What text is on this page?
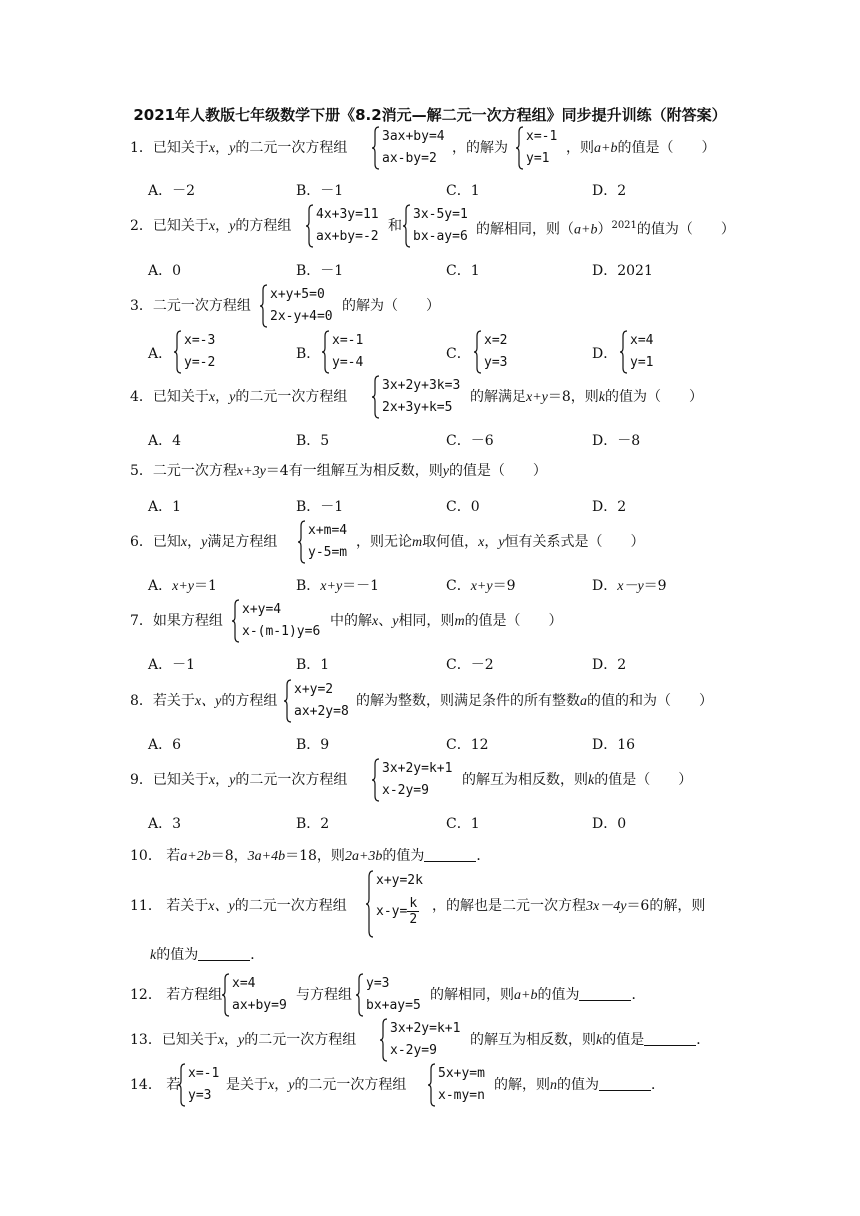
2021年人教版七年级数学下册《8.2消元—解二元一次方程组》同步提升训练（附答案）
1．已知关于x，y的二元一次方程组
3ax+by=4
ax-by=2
，的解为
x=-1
y=1
，则a+b的值是（　　）
A．－2	B．－1	C．1	D．2
2．已知关于x，y的方程组
4x+3y=11
ax+by=-2
和
3x-5y=1
bx-ay=6 的解相同，则$(a+b)^{2021}$的值为（　　）
A．0	B．－1	C．1	D．2021
3．二元一次方程组
x+y+5=0
2x-y+4=0
的解为（　　）
A．
x=-3
y=-2
B．
x=-1
y=-4
C．
x=2
y=3
D．
x=4
y=1
4．已知关于x，y的二元一次方程组
3x+2y+3k=3
2x+3y+k=5
的解满足x+y＝8，则k的值为（　　）
A．4	B．5	C．－6	D．－8
5．二元一次方程x+3y＝4有一组解互为相反数，则y的值是（　　）
A．1	B．－1	C．0	D．2
6．已知x，y满足方程组
x+m=4
y-5=m
，则无论m取何值，x，y恒有关系式是（　　）
A．x+y＝1	B．x+y＝－1	C．x+y＝9	D．x－y＝9
7．如果方程组
x+y=4
x-(m-1)y=6
中的解x、y相同，则m的值是（　　）
A．－1	B．1	C．－2	D．2
8．若关于x、y的方程组
x+y=2
ax+2y=8
的解为整数，则满足条件的所有整数a的值的和为（　　）
A．6	B．9	C．12	D．16
9．已知关于x，y的二元一次方程组
3x+2y=k+1
x-2y=9
的解互为相反数，则k的值是（　　）
A．3	B．2	C．1	D．0
10． 若a+2b＝8，3a+4b＝18，则2a+3b的值为	．
11． 若关于x、y的二元一次方程组
x+y=2k
$x-y= \frac{k}{2}$ ，的解也是二元一次方程3x－4y＝6的解，则
k的值为	．
12． 若方程组
x=4
ax+by=9
与方程组
y=3
bx+ay=5
的解相同，则a+b的值为	．
13．已知关于x，y的二元一次方程组
3x+2y=k+1
x-2y=9
的解互为相反数，则k的值是	．
14． 若
x=-1
y=3
是关于x，y的二元一次方程组
5x+y=m
x-my=n
的解，则n的值为	．
